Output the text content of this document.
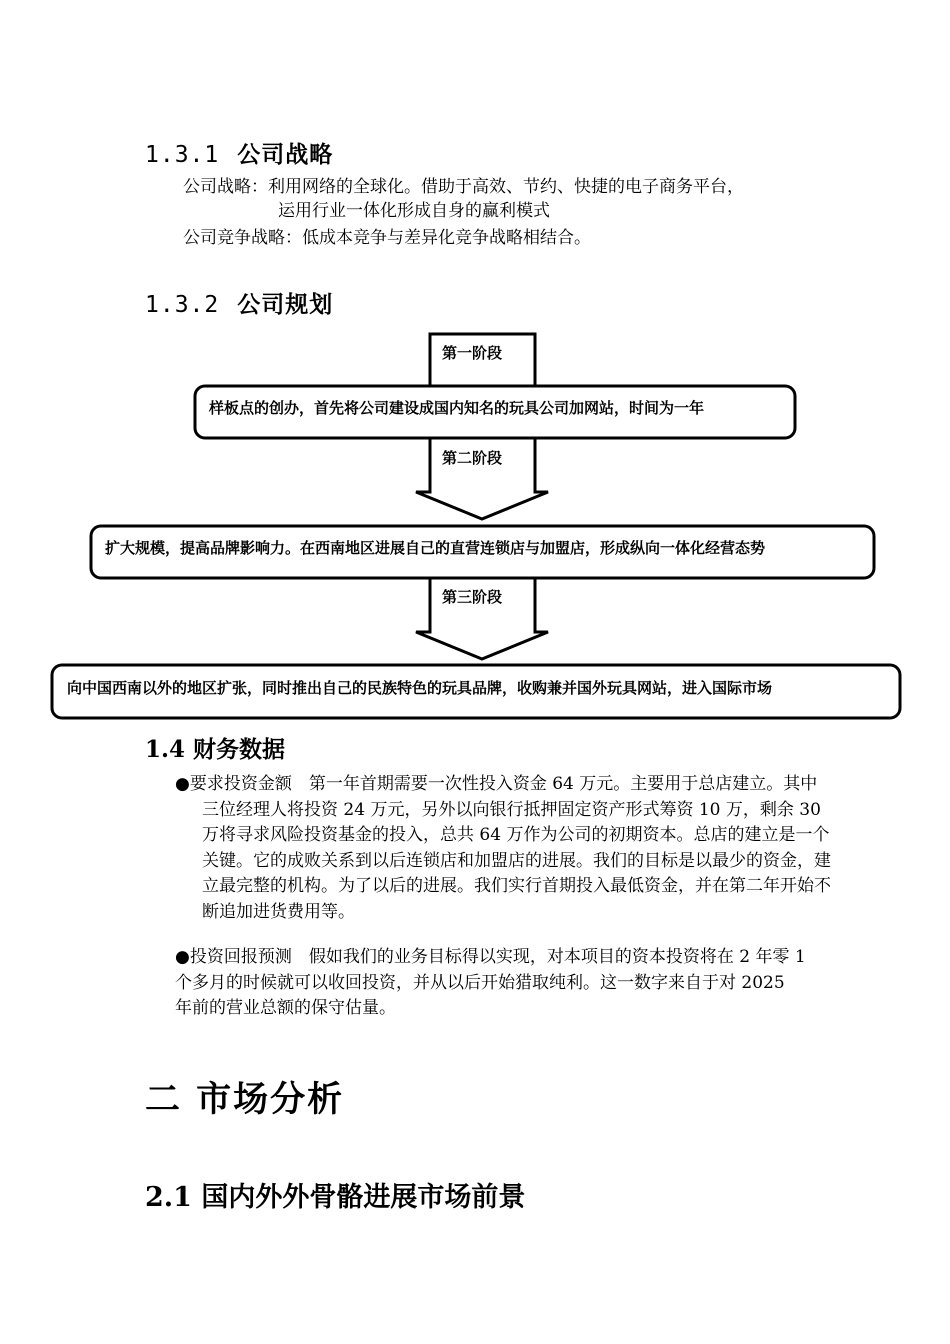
1.3.1 公司战略
公司战略：利用网络的全球化。借助于高效、节约、快捷的电子商务平台，
运用行业一体化形成自身的赢利模式
公司竞争战略：低成本竞争与差异化竞争战略相结合。
1.3.2 公司规划
第一阶段
样板点的创办，首先将公司建设成国内知名的玩具公司加网站，时间为一年
第二阶段
扩大规模，提高品牌影响力。在西南地区进展自己的直营连锁店与加盟店，形成纵向一体化经营态势
第三阶段
向中国西南以外的地区扩张，同时推出自己的民族特色的玩具品牌，收购兼并国外玩具网站，进入国际市场
1.4 财务数据
●要求投资金额　第一年首期需要一次性投入资金 64 万元。主要用于总店建立。其中三位经理人将投资 24 万元，另外以向银行抵押固定资产形式筹资 10 万，剩余 30 万将寻求风险投资基金的投入，总共 64 万作为公司的初期资本。总店的建立是一个关键。它的成败关系到以后连锁店和加盟店的进展。我们的目标是以最少的资金，建立最完整的机构。为了以后的进展。我们实行首期投入最低资金，并在第二年开始不断追加进货费用等。
●投资回报预测　假如我们的业务目标得以实现，对本项目的资本投资将在 2 年零 1 个多月的时候就可以收回投资，并从以后开始猎取纯利。这一数字来自于对 2025 年前的营业总额的保守估量。
二 市场分析
2.1 国内外外骨骼进展市场前景
